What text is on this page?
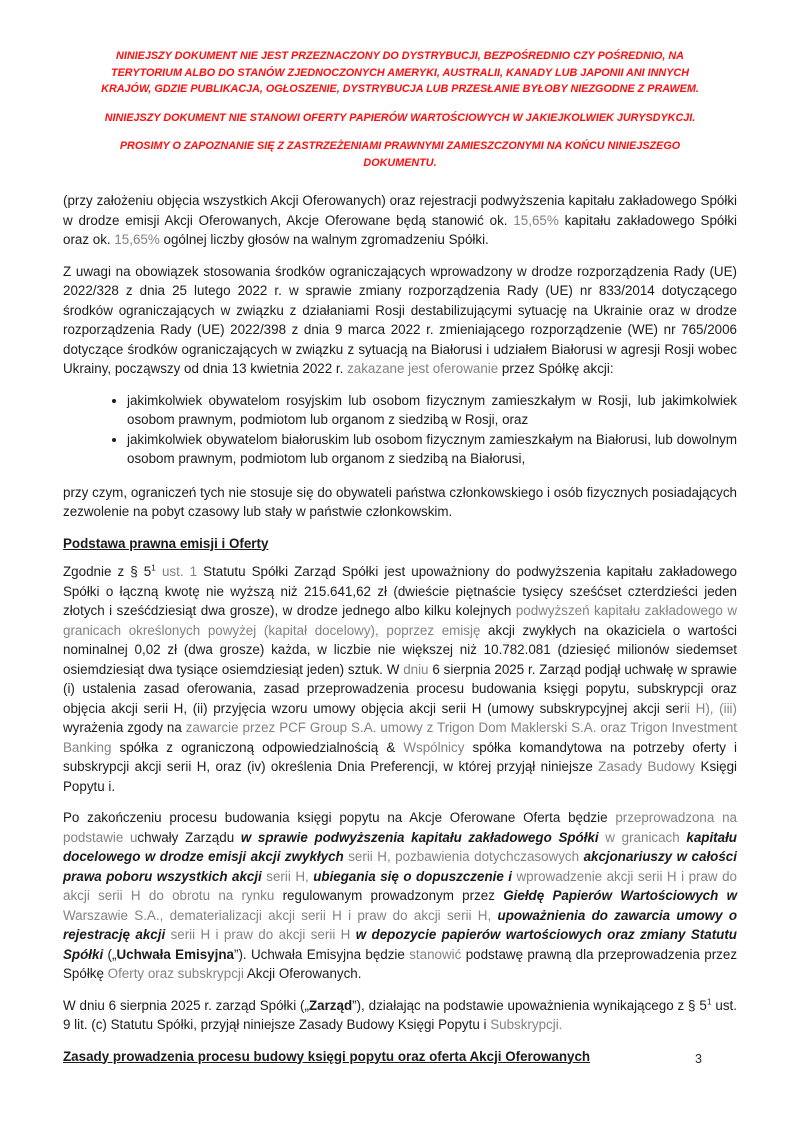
NINIEJSZY DOKUMENT NIE JEST PRZEZNACZONY DO DYSTRYBUCJI, BEZPOŚREDNIO CZY POŚREDNIO, NA TERYTORIUM ALBO DO STANÓW ZJEDNOCZONYCH AMERYKI, AUSTRALII, KANADY LUB JAPONII ANI INNYCH KRAJÓW, GDZIE PUBLIKACJA, OGŁOSZENIE, DYSTRYBUCJA LUB PRZESŁANIE BYŁOBY NIEZGODNE Z PRAWEM.

NINIEJSZY DOKUMENT NIE STANOWI OFERTY PAPIERÓW WARTOŚCIOWYCH W JAKIEJKOLWIEK JURYSDYKCJI.

PROSIMY O ZAPOZNANIE SIĘ Z ZASTRZEŻENIAMI PRAWNYMI ZAMIESZCZONYMI NA KOŃCU NINIEJSZEGO DOKUMENTU.

(przy założeniu objęcia wszystkich Akcji Oferowanych) oraz rejestracji podwyższenia kapitału zakładowego Spółki w drodze emisji Akcji Oferowanych, Akcje Oferowane będą stanowić ok. 15,65% kapitału zakładowego Spółki oraz ok. 15,65% ogólnej liczby głosów na walnym zgromadzeniu Spółki.

Z uwagi na obowiązek stosowania środków ograniczających wprowadzony w drodze rozporządzenia Rady (UE) 2022/328 z dnia 25 lutego 2022 r. w sprawie zmiany rozporządzenia Rady (UE) nr 833/2014 dotyczącego środków ograniczających w związku z działaniami Rosji destabilizującymi sytuację na Ukrainie oraz w drodze rozporządzenia Rady (UE) 2022/398 z dnia 9 marca 2022 r. zmieniającego rozporządzenie (WE) nr 765/2006 dotyczące środków ograniczających w związku z sytuacją na Białorusi i udziałem Białorusi w agresji Rosji wobec Ukrainy, począwszy od dnia 13 kwietnia 2022 r. zakazane jest oferowanie przez Spółkę akcji:

• jakimkolwiek obywatelom rosyjskim lub osobom fizycznym zamieszkałym w Rosji, lub jakimkolwiek osobom prawnym, podmiotom lub organom z siedzibą w Rosji, oraz
• jakimkolwiek obywatelom białoruskim lub osobom fizycznym zamieszkałym na Białorusi, lub dowolnym osobom prawnym, podmiotom lub organom z siedzibą na Białorusi,

przy czym, ograniczeń tych nie stosuje się do obywateli państwa członkowskiego i osób fizycznych posiadających zezwolenie na pobyt czasowy lub stały w państwie członkowskim.

Podstawa prawna emisji i Oferty

Zgodnie z § $5^1$ ust. 1 Statutu Spółki Zarząd Spółki jest upoważniony do podwyższenia kapitału zakładowego Spółki o łączną kwotę nie wyższą niż 215.641,62 zł (dwieście piętnaście tysięcy sześćset czterdzieści jeden złotych i sześćdziesiąt dwa grosze), w drodze jednego albo kilku kolejnych podwyższeń kapitału zakładowego w granicach określonych powyżej (kapitał docelowy), poprzez emisję akcji zwykłych na okaziciela o wartości nominalnej 0,02 zł (dwa grosze) każda, w liczbie nie większej niż 10.782.081 (dziesięć milionów siedemset osiemdziesiąt dwa tysiące osiemdziesiąt jeden) sztuk. W dniu 6 sierpnia 2025 r. Zarząd podjął uchwałę w sprawie (i) ustalenia zasad oferowania, zasad przeprowadzenia procesu budowania księgi popytu, subskrypcji oraz objęcia akcji serii H, (ii) przyjęcia wzoru umowy objęcia akcji serii H (umowy subskrypcyjnej akcji serii H), (iii) wyrażenia zgody na zawarcie przez PCF Group S.A. umowy z Trigon Dom Maklerski S.A. oraz Trigon Investment Banking spółka z ograniczoną odpowiedzialnością & Wspólnicy spółka komandytowa na potrzeby oferty i subskrypcji akcji serii H, oraz (iv) określenia Dnia Preferencji, w której przyjął niniejsze Zasady Budowy Księgi Popytu i.

Po zakończeniu procesu budowania księgi popytu na Akcje Oferowane Oferta będzie przeprowadzona na podstawie uchwały Zarządu w sprawie podwyższenia kapitału zakładowego Spółki w granicach kapitału docelowego w drodze emisji akcji zwykłych serii H, pozbawienia dotychczasowych akcjonariuszy w całości prawa poboru wszystkich akcji serii H, ubiegania się o dopuszczenie i wprowadzenie akcji serii H i praw do akcji serii H do obrotu na rynku regulowanym prowadzonym przez Giełdę Papierów Wartościowych w Warszawie S.A., dematerializacji akcji serii H i praw do akcji serii H, upoważnienia do zawarcia umowy o rejestrację akcji serii H i praw do akcji serii H w depozycie papierów wartościowych oraz zmiany Statutu Spółki („Uchwała Emisyjna”). Uchwała Emisyjna będzie stanowić podstawę prawną dla przeprowadzenia przez Spółkę Oferty oraz subskrypcji Akcji Oferowanych.

W dniu 6 sierpnia 2025 r. zarząd Spółki („Zarząd”), działając na podstawie upoważnienia wynikającego z § $5^1$ ust. 9 lit. (c) Statutu Spółki, przyjął niniejsze Zasady Budowy Księgi Popytu i Subskrypcji.

Zasady prowadzenia procesu budowy księgi popytu oraz oferta Akcji Oferowanych	3
